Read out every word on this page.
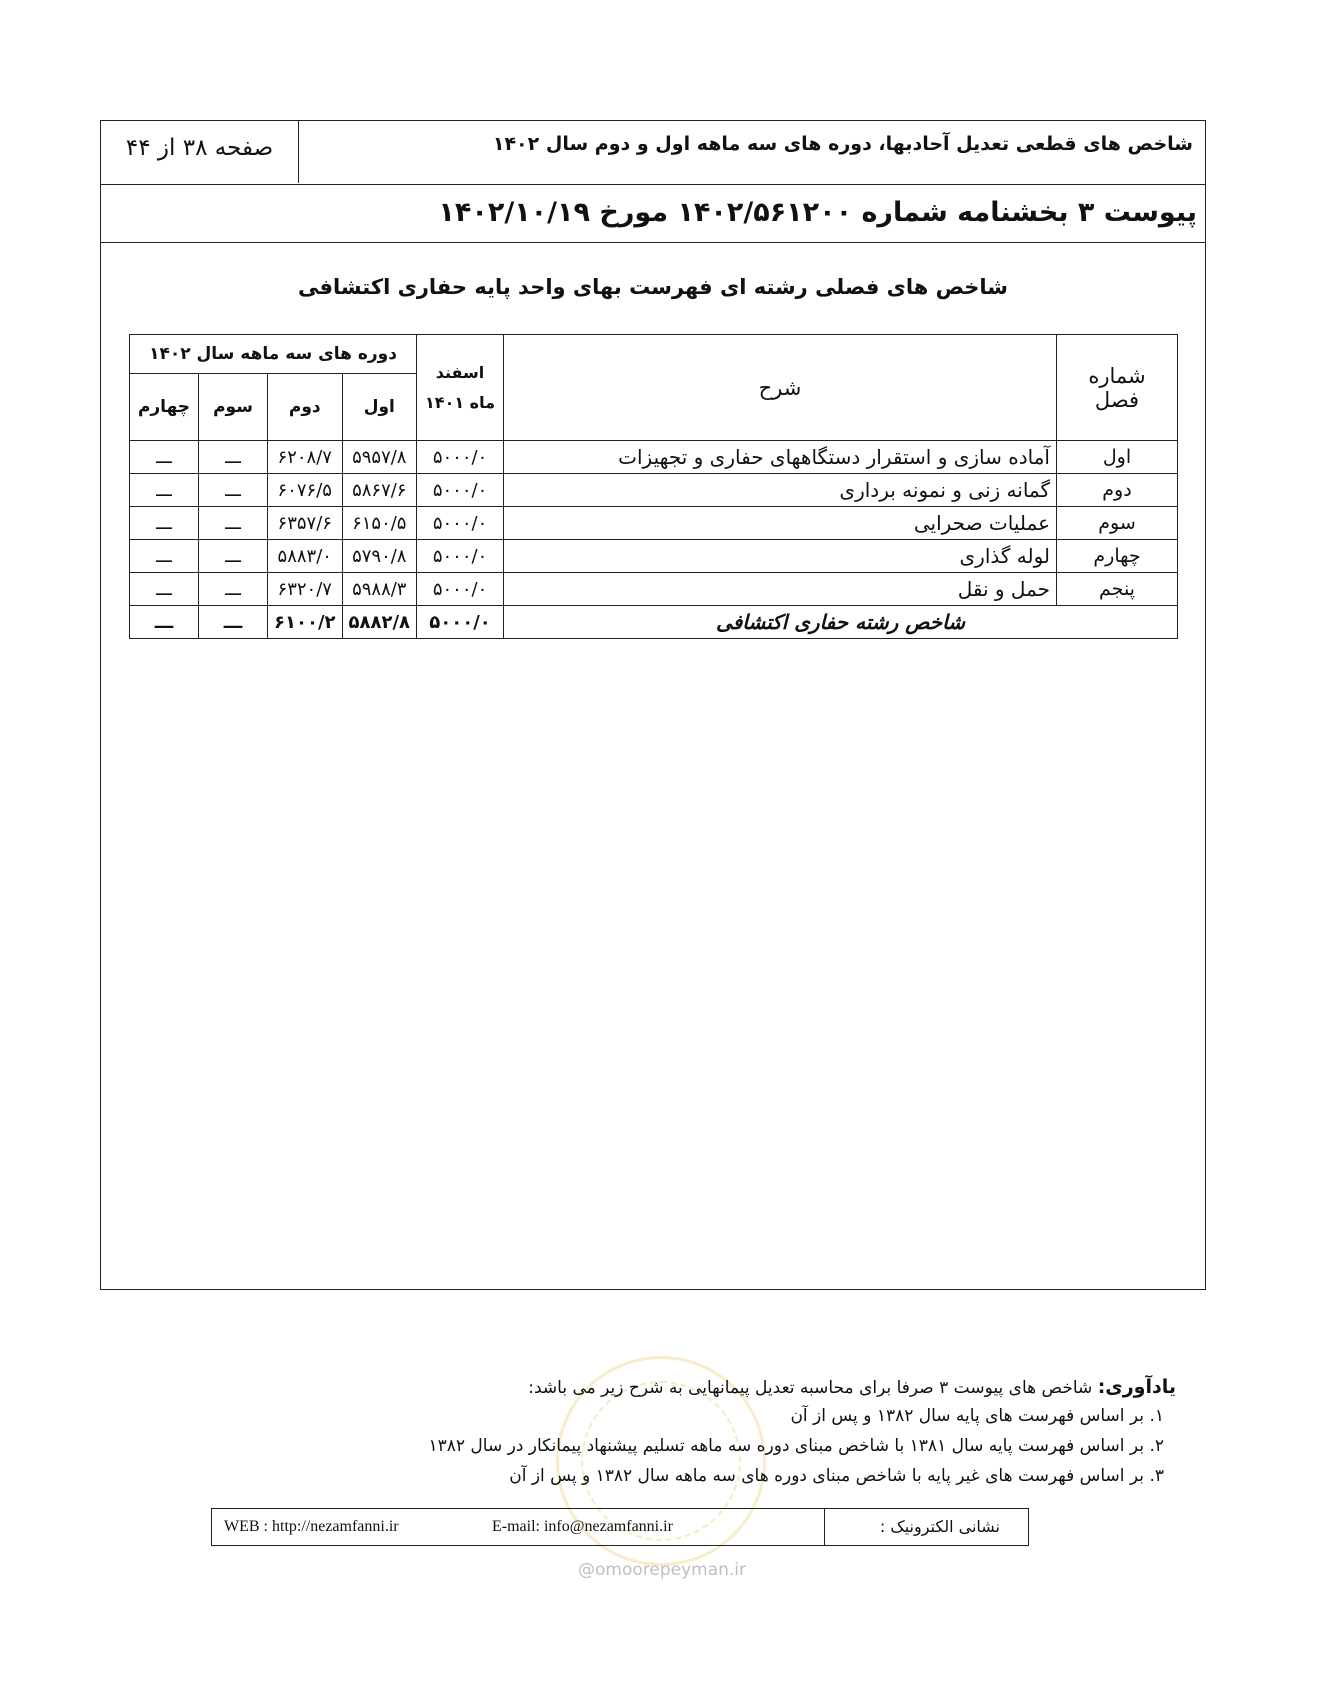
شاخص های قطعی تعدیل آحادبها، دوره های سه ماهه اول و دوم سال ۱۴۰۲
صفحه ۳۸ از ۴۴
پیوست ۳ بخشنامه شماره ۱۴۰۲/۵۶۱۲۰۰ مورخ ۱۴۰۲/۱۰/۱۹
شاخص های فصلی رشته ای فهرست بهای واحد پایه حفاری اکتشافی
شماره فصل	شرح	اسفند ماه ۱۴۰۱	دوره های سه ماهه سال ۱۴۰۲			
			اول	دوم	سوم	چهارم
اول	آماده سازی و استقرار دستگاههای حفاری و تجهیزات	۵۰۰۰/۰	۵۹۵۷/۸	۶۲۰۸/۷	ـــ	ـــ
دوم	گمانه زنی و نمونه برداری	۵۰۰۰/۰	۵۸۶۷/۶	۶۰۷۶/۵	ـــ	ـــ
سوم	عملیات صحرایی	۵۰۰۰/۰	۶۱۵۰/۵	۶۳۵۷/۶	ـــ	ـــ
چهارم	لوله گذاری	۵۰۰۰/۰	۵۷۹۰/۸	۵۸۸۳/۰	ـــ	ـــ
پنجم	حمل و نقل	۵۰۰۰/۰	۵۹۸۸/۳	۶۳۲۰/۷	ـــ	ـــ
شاخص رشته حفاری اکتشافی		۵۰۰۰/۰	۵۸۸۲/۸	۶۱۰۰/۲	ـــ	ـــ
یادآوری: شاخص های پیوست ۳ صرفا برای محاسبه تعدیل پیمانهایی به شرح زیر می باشد:
۱. بر اساس فهرست های پایه سال ۱۳۸۲ و پس از آن
۲. بر اساس فهرست پایه سال ۱۳۸۱ با شاخص مبنای دوره سه ماهه تسلیم پیشنهاد پیمانکار در سال ۱۳۸۲
۳. بر اساس فهرست های غیر پایه با شاخص مبنای دوره های سه ماهه سال ۱۳۸۲ و پس از آن
نشانی الکترونیک :
WEB : http://nezamfanni.ir	E-mail: info@nezamfanni.ir
@omoorepeyman.ir
